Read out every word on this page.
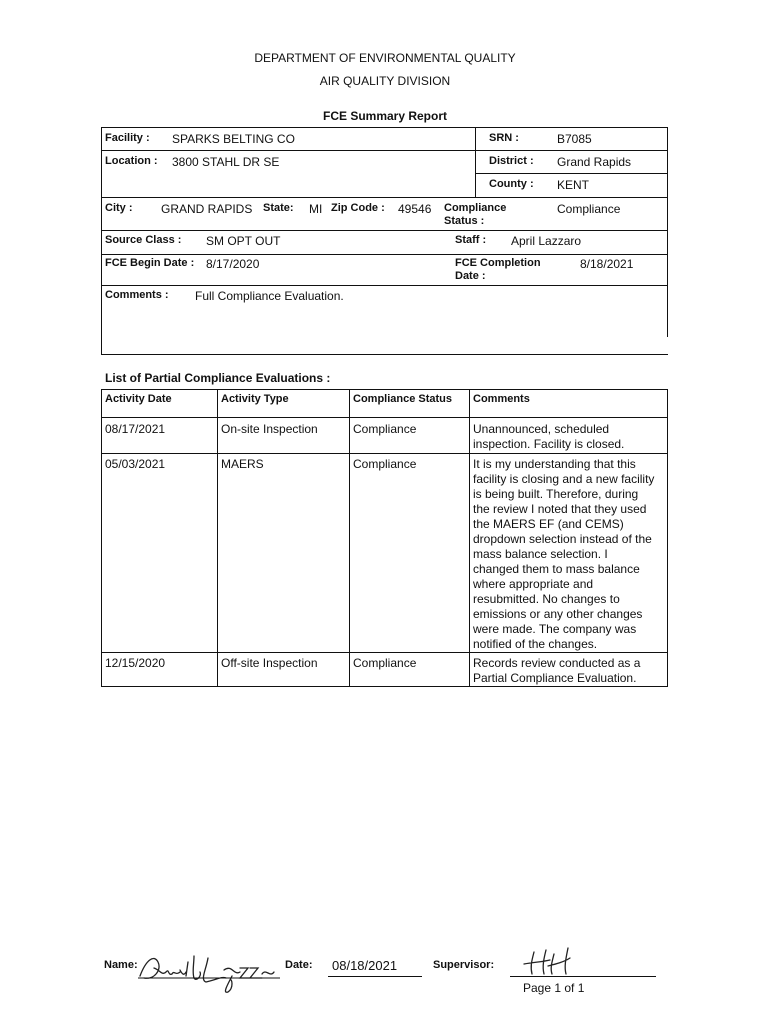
DEPARTMENT OF ENVIRONMENTAL QUALITY
AIR QUALITY DIVISION
FCE Summary Report
Facility : SPARKS BELTING CO	SRN :	B7085
Location : 3800 STAHL DR SE	District : Grand Rapids
County : KENT
City : GRAND RAPIDS State: MI Zip Code : 49546 Compliance
Status :
Compliance
Source Class : SM OPT OUT	Staff : April Lazzaro
FCE Begin Date : 8/17/2020	FCE Completion
Date :
8/18/2021
Comments : Full Compliance Evaluation.
List of Partial Compliance Evaluations :
Activity Date	Activity Type	Compliance Status Comments
08/17/2021	On-site Inspection	Compliance	Unannounced, scheduled
inspection. Facility is closed.
05/03/2021	MAERS	Compliance	It is my understanding that this
facility is closing and a new facility
is being built. Therefore, during
the review I noted that they used
the MAERS EF (and CEMS)
dropdown selection instead of the
mass balance selection. I
changed them to mass balance
where appropriate and
resubmitted. No changes to
emissions or any other changes
were made. The company was
notified of the changes.
12/15/2020	Off-site Inspection	Compliance	Records review conducted as a
Partial Compliance Evaluation.
Name:	Date: 08/18/2021	Supervisor:
Page 1 of 1
